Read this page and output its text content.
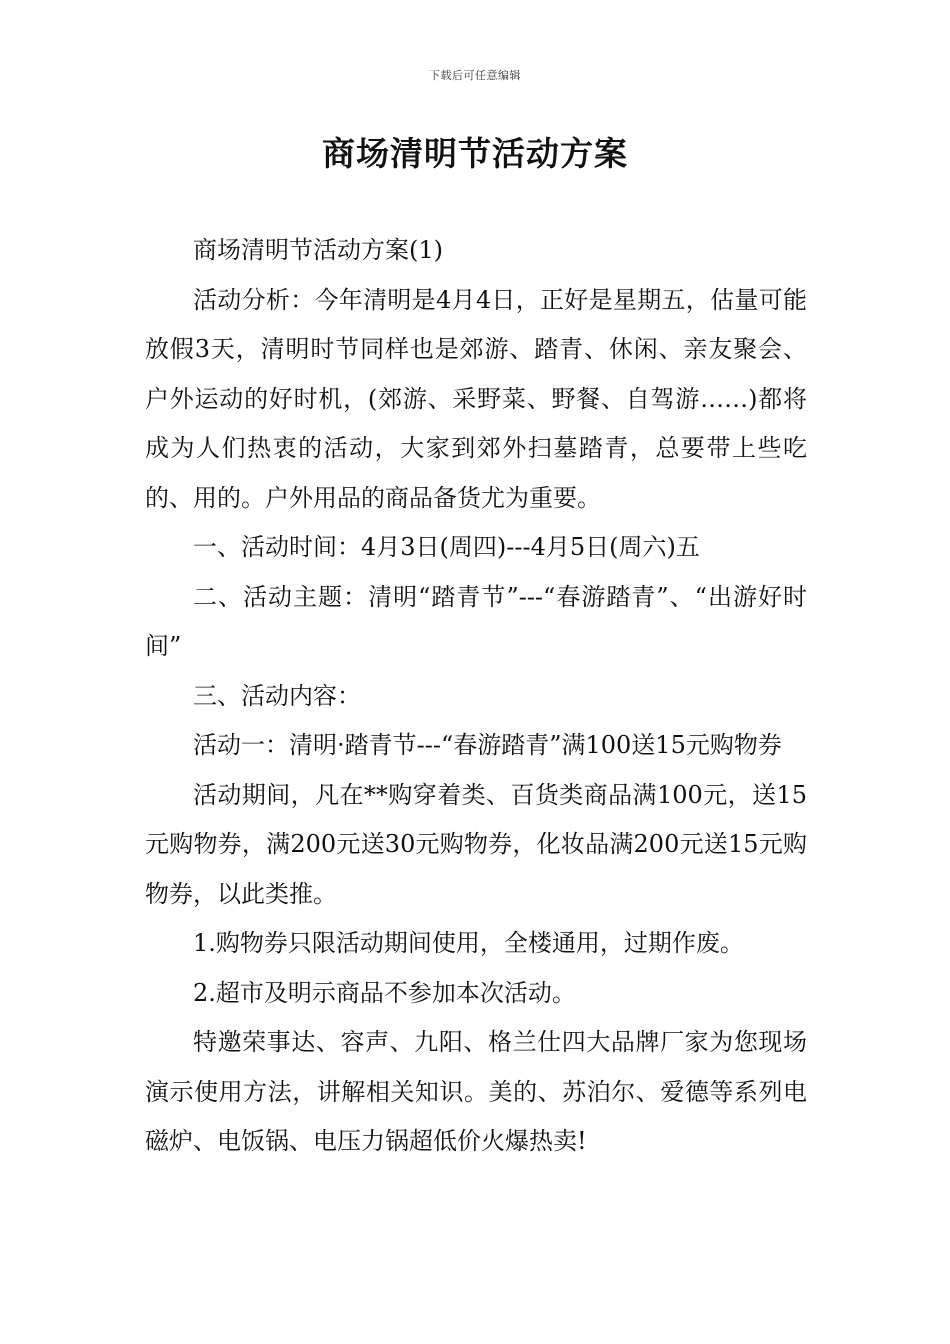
下载后可任意编辑
商场清明节活动方案

商场清明节活动方案(1)

活动分析：今年清明是4月4日，正好是星期五，估量可能放假3天，清明时节同样也是郊游、踏青、休闲、亲友聚会、户外运动的好时机，(郊游、采野菜、野餐、自驾游……)都将成为人们热衷的活动，大家到郊外扫墓踏青，总要带上些吃的、用的。户外用品的商品备货尤为重要。

一、活动时间：4月3日(周四)---4月5日(周六)五

二、活动主题：清明“踏青节”---“春游踏青”、“出游好时间”

三、活动内容：

活动一：清明·踏青节---“春游踏青”满100送15元购物券

活动期间，凡在**购穿着类、百货类商品满100元，送15元购物券，满200元送30元购物券，化妆品满200元送15元购物券，以此类推。

1.购物券只限活动期间使用，全楼通用，过期作废。

2.超市及明示商品不参加本次活动。

特邀荣事达、容声、九阳、格兰仕四大品牌厂家为您现场演示使用方法，讲解相关知识。美的、苏泊尔、爱德等系列电磁炉、电饭锅、电压力锅超低价火爆热卖!
